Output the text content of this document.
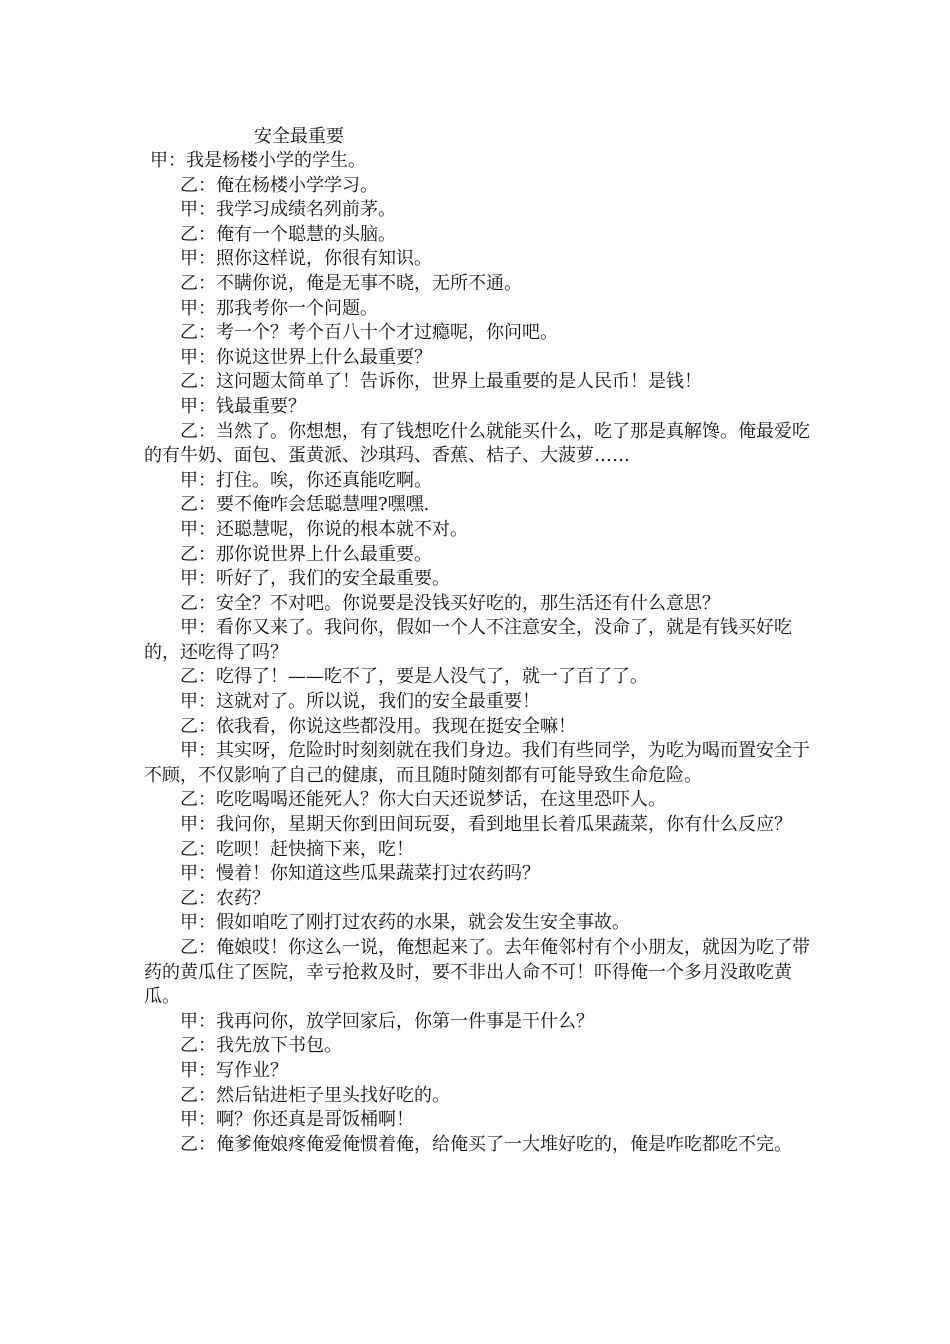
安全最重要

甲：我是杨楼小学的学生。

乙：俺在杨楼小学学习。

甲：我学习成绩名列前茅。

乙：俺有一个聪慧的头脑。

甲：照你这样说，你很有知识。

乙：不瞒你说，俺是无事不晓，无所不通。

甲：那我考你一个问题。

乙：考一个？考个百八十个才过瘾呢，你问吧。

甲：你说这世界上什么最重要？

乙：这问题太简单了！告诉你，世界上最重要的是人民币！是钱！

甲：钱最重要？

乙：当然了。你想想，有了钱想吃什么就能买什么，吃了那是真解馋。俺最爱吃的有牛奶、面包、蛋黄派、沙琪玛、香蕉、桔子、大菠萝……

甲：打住。唉，你还真能吃啊。

乙：要不俺咋会恁聪慧哩?嘿嘿.

甲：还聪慧呢，你说的根本就不对。

乙：那你说世界上什么最重要。

甲：听好了，我们的安全最重要。

乙：安全？不对吧。你说要是没钱买好吃的，那生活还有什么意思？

甲：看你又来了。我问你，假如一个人不注意安全，没命了，就是有钱买好吃的，还吃得了吗？

乙：吃得了！——吃不了，要是人没气了，就一了百了了。

甲：这就对了。所以说，我们的安全最重要！

乙：依我看，你说这些都没用。我现在挺安全嘛！

甲：其实呀，危险时时刻刻就在我们身边。我们有些同学，为吃为喝而置安全于不顾，不仅影响了自己的健康，而且随时随刻都有可能导致生命危险。

乙：吃吃喝喝还能死人？你大白天还说梦话，在这里恐吓人。

甲：我问你，星期天你到田间玩耍，看到地里长着瓜果蔬菜，你有什么反应？

乙：吃呗！赶快摘下来，吃！

甲：慢着！你知道这些瓜果蔬菜打过农药吗？

乙：农药？

甲：假如咱吃了刚打过农药的水果，就会发生安全事故。

乙：俺娘哎！你这么一说，俺想起来了。去年俺邻村有个小朋友，就因为吃了带药的黄瓜住了医院，幸亏抢救及时，要不非出人命不可！吓得俺一个多月没敢吃黄瓜。

甲：我再问你，放学回家后，你第一件事是干什么？

乙：我先放下书包。

甲：写作业？

乙：然后钻进柜子里头找好吃的。

甲：啊？你还真是哥饭桶啊！

乙：俺爹俺娘疼俺爱俺惯着俺，给俺买了一大堆好吃的，俺是咋吃都吃不完。
